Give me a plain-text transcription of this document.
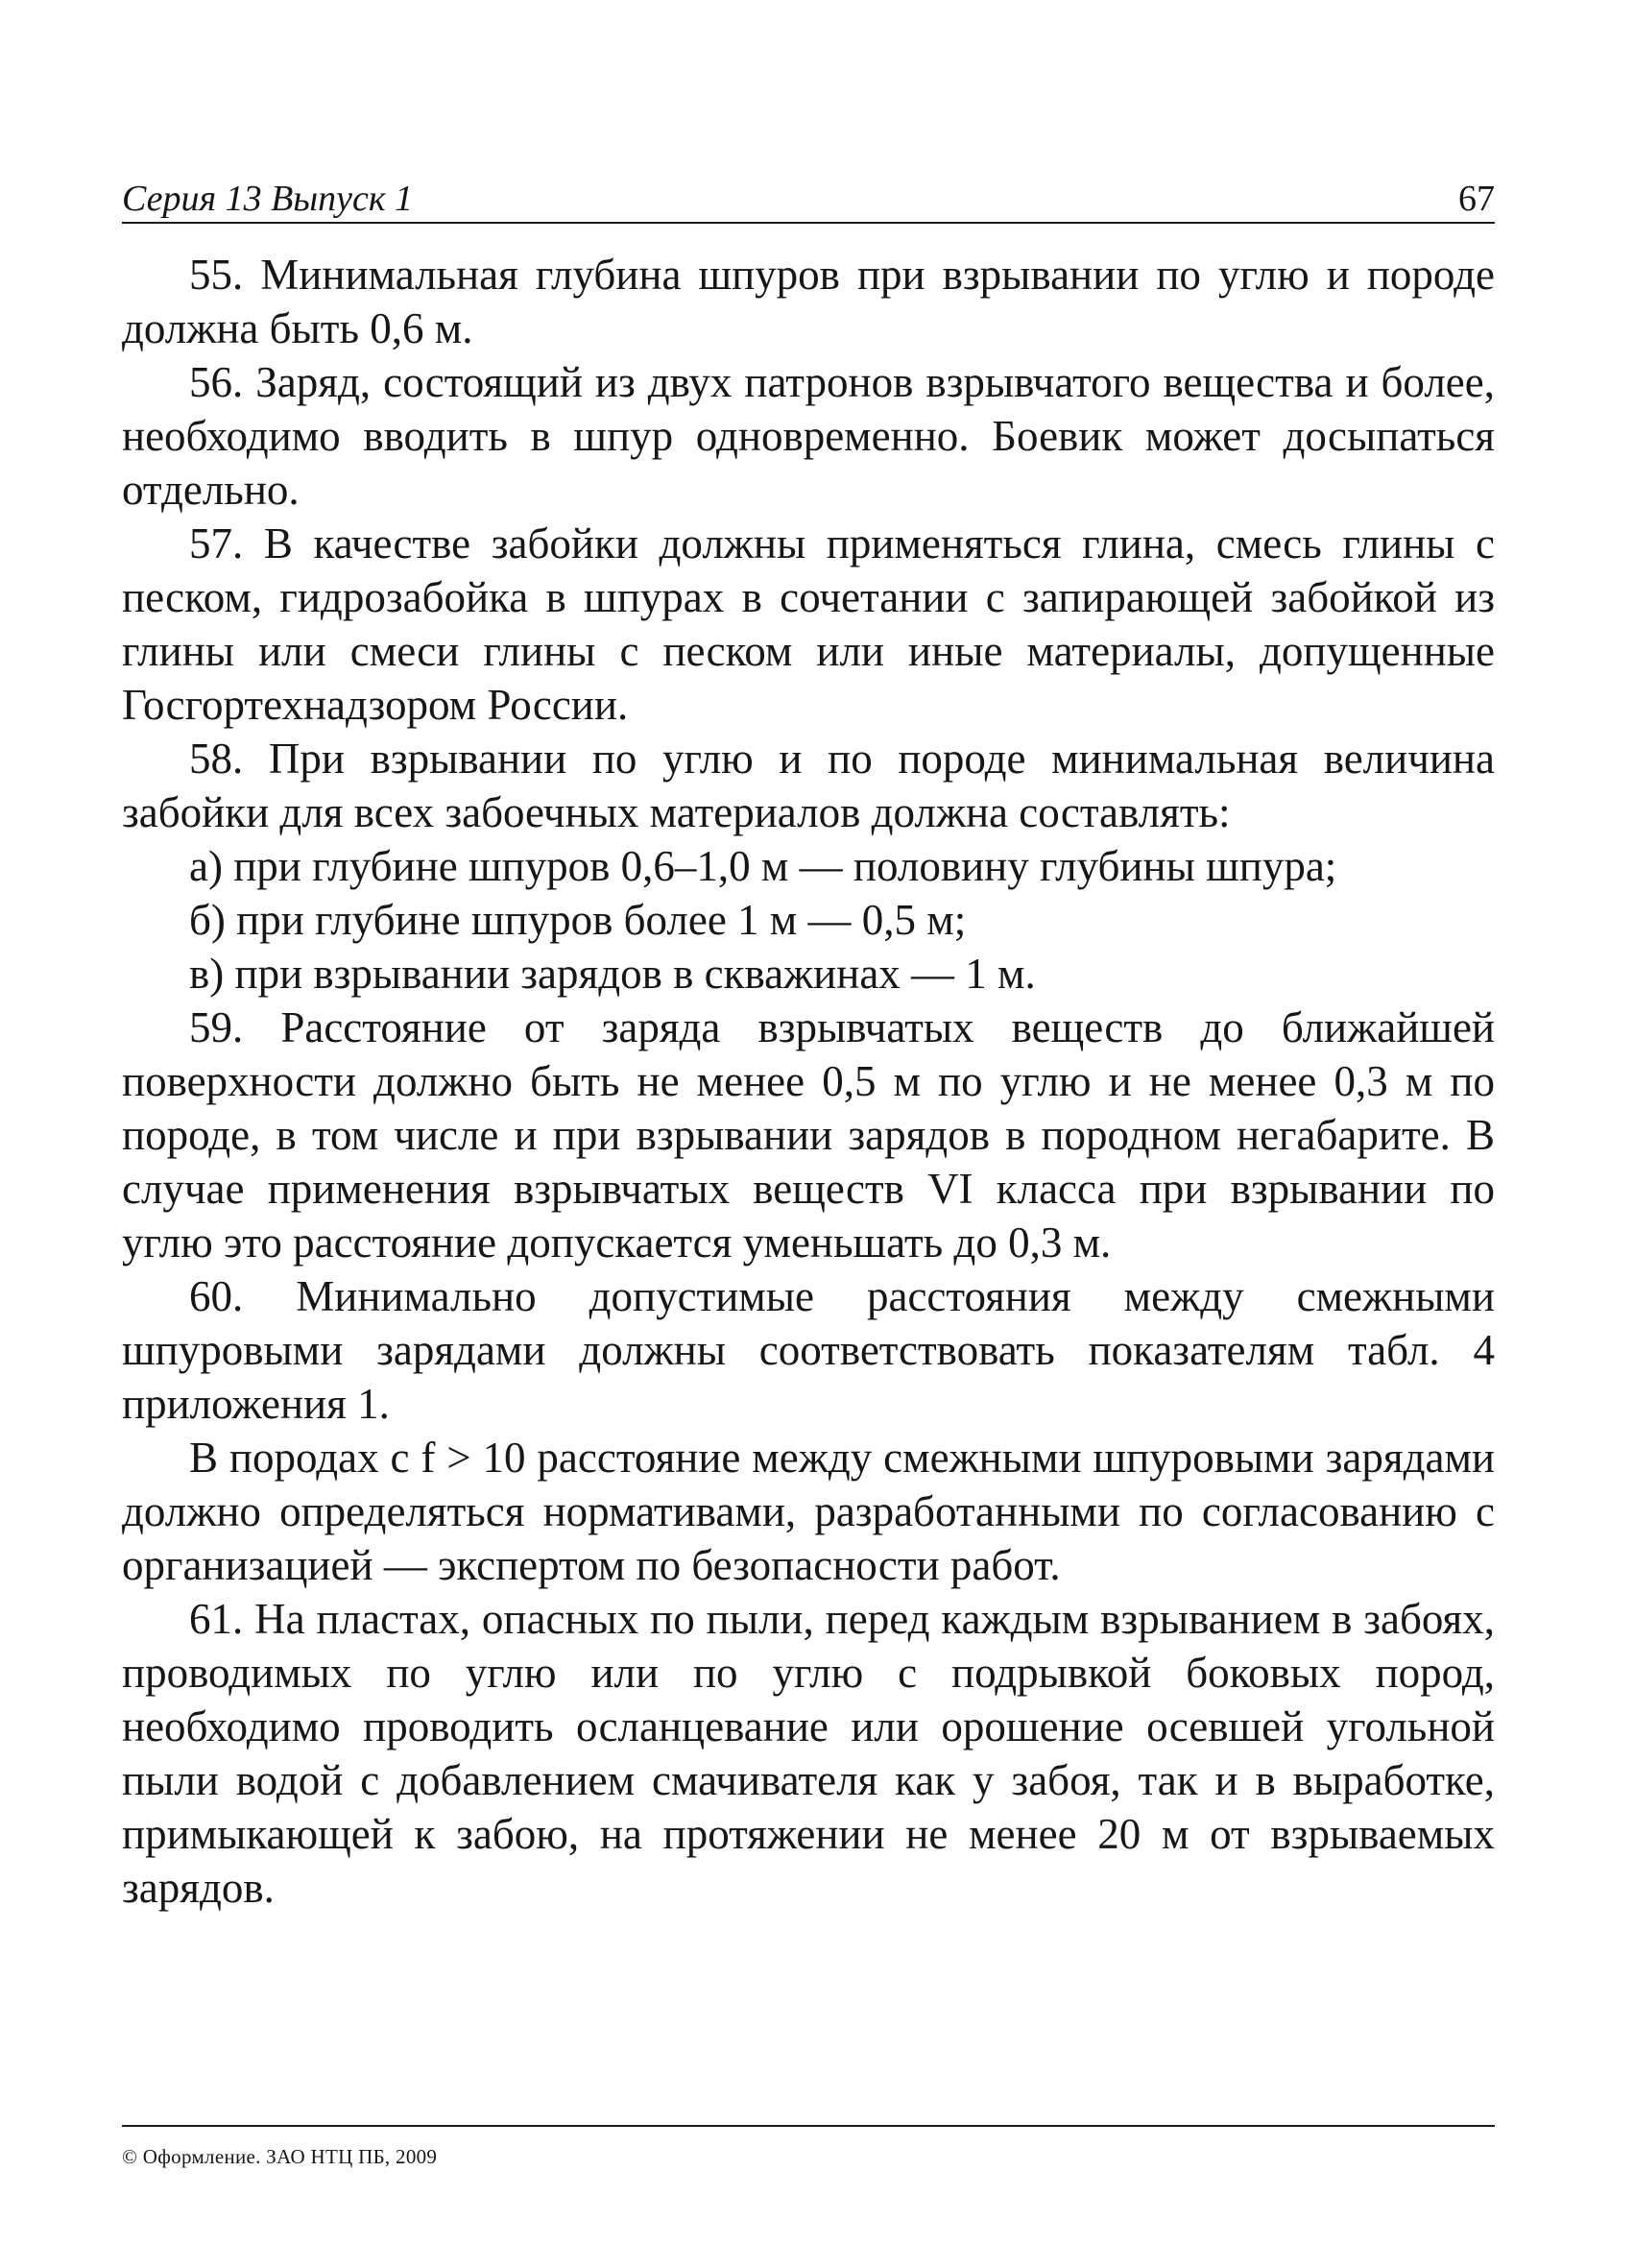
Серия 13 Выпуск 1	67

55. Минимальная глубина шпуров при взрывании по углю и породе должна быть 0,6 м.

56. Заряд, состоящий из двух патронов взрывчатого вещества и более, необходимо вводить в шпур одновременно. Боевик может досыпаться отдельно.

57. В качестве забойки должны применяться глина, смесь глины с песком, гидрозабойка в шпурах в сочетании с запирающей забойкой из глины или смеси глины с песком или иные материалы, допущенные Госгортехнадзором России.

58. При взрывании по углю и по породе минимальная величина забойки для всех забоечных материалов должна составлять:

а) при глубине шпуров 0,6–1,0 м — половину глубины шпура;

б) при глубине шпуров более 1 м — 0,5 м;

в) при взрывании зарядов в скважинах — 1 м.

59. Расстояние от заряда взрывчатых веществ до ближайшей поверхности должно быть не менее 0,5 м по углю и не менее 0,3 м по породе, в том числе и при взрывании зарядов в породном негабарите. В случае применения взрывчатых веществ VI класса при взрывании по углю это расстояние допускается уменьшать до 0,3 м.

60. Минимально допустимые расстояния между смежными шпуровыми зарядами должны соответствовать показателям табл. 4 приложения 1.

В породах с f > 10 расстояние между смежными шпуровыми зарядами должно определяться нормативами, разработанными по согласованию с организацией — экспертом по безопасности работ.

61. На пластах, опасных по пыли, перед каждым взрыванием в забоях, проводимых по углю или по углю с подрывкой боковых пород, необходимо проводить осланцевание или орошение осевшей угольной пыли водой с добавлением смачивателя как у забоя, так и в выработке, примыкающей к забою, на протяжении не менее 20 м от взрываемых зарядов.

© Оформление. ЗАО НТЦ ПБ, 2009
